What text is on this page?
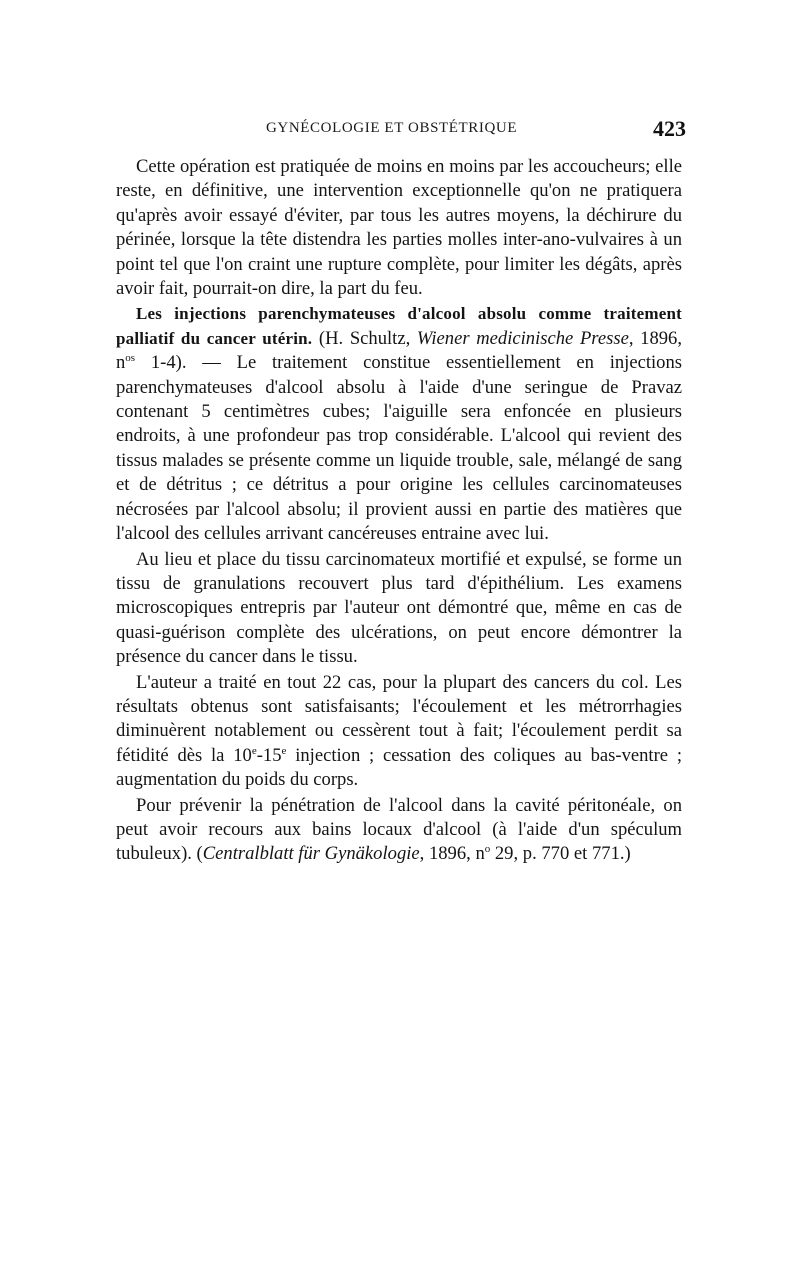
GYNÉCOLOGIE ET OBSTÉTRIQUE	423

Cette opération est pratiquée de moins en moins par les accoucheurs; elle reste, en définitive, une intervention exceptionnelle qu'on ne pratiquera qu'après avoir essayé d'éviter, par tous les autres moyens, la déchirure du périnée, lorsque la tête distendra les parties molles inter-ano-vulvaires à un point tel que l'on craint une rupture complète, pour limiter les dégâts, après avoir fait, pourrait-on dire, la part du feu.

Les injections parenchymateuses d'alcool absolu comme traitement palliatif du cancer utérin. (H. Schultz, Wiener medicinische Presse, 1896, $n^{os}$ 1-4). — Le traitement constitue essentiellement en injections parenchymateuses d'alcool absolu à l'aide d'une seringue de Pravaz contenant 5 centimètres cubes; l'aiguille sera enfoncée en plusieurs endroits, à une profondeur pas trop considérable. L'alcool qui revient des tissus malades se présente comme un liquide trouble, sale, mélangé de sang et de détritus ; ce détritus a pour origine les cellules carcinomateuses nécrosées par l'alcool absolu; il provient aussi en partie des matières que l'alcool des cellules arrivant cancéreuses entraine avec lui.

Au lieu et place du tissu carcinomateux mortifié et expulsé, se forme un tissu de granulations recouvert plus tard d'épithélium. Les examens microscopiques entrepris par l'auteur ont démontré que, même en cas de quasi-guérison complète des ulcérations, on peut encore démontrer la présence du cancer dans le tissu.

L'auteur a traité en tout 22 cas, pour la plupart des cancers du col. Les résultats obtenus sont satisfaisants; l'écoulement et les métrorrhagies diminuèrent notablement ou cessèrent tout à fait; l'écoulement perdit sa fétidité dès la 10e-15e injection ; cessation des coliques au bas-ventre ; augmentation du poids du corps.

Pour prévenir la pénétration de l'alcool dans la cavité péritonéale, on peut avoir recours aux bains locaux d'alcool (à l'aide d'un spéculum tubuleux). (Centralblatt für Gynäkologie, 1896, $n^o$ 29, p. 770 et 771.)
